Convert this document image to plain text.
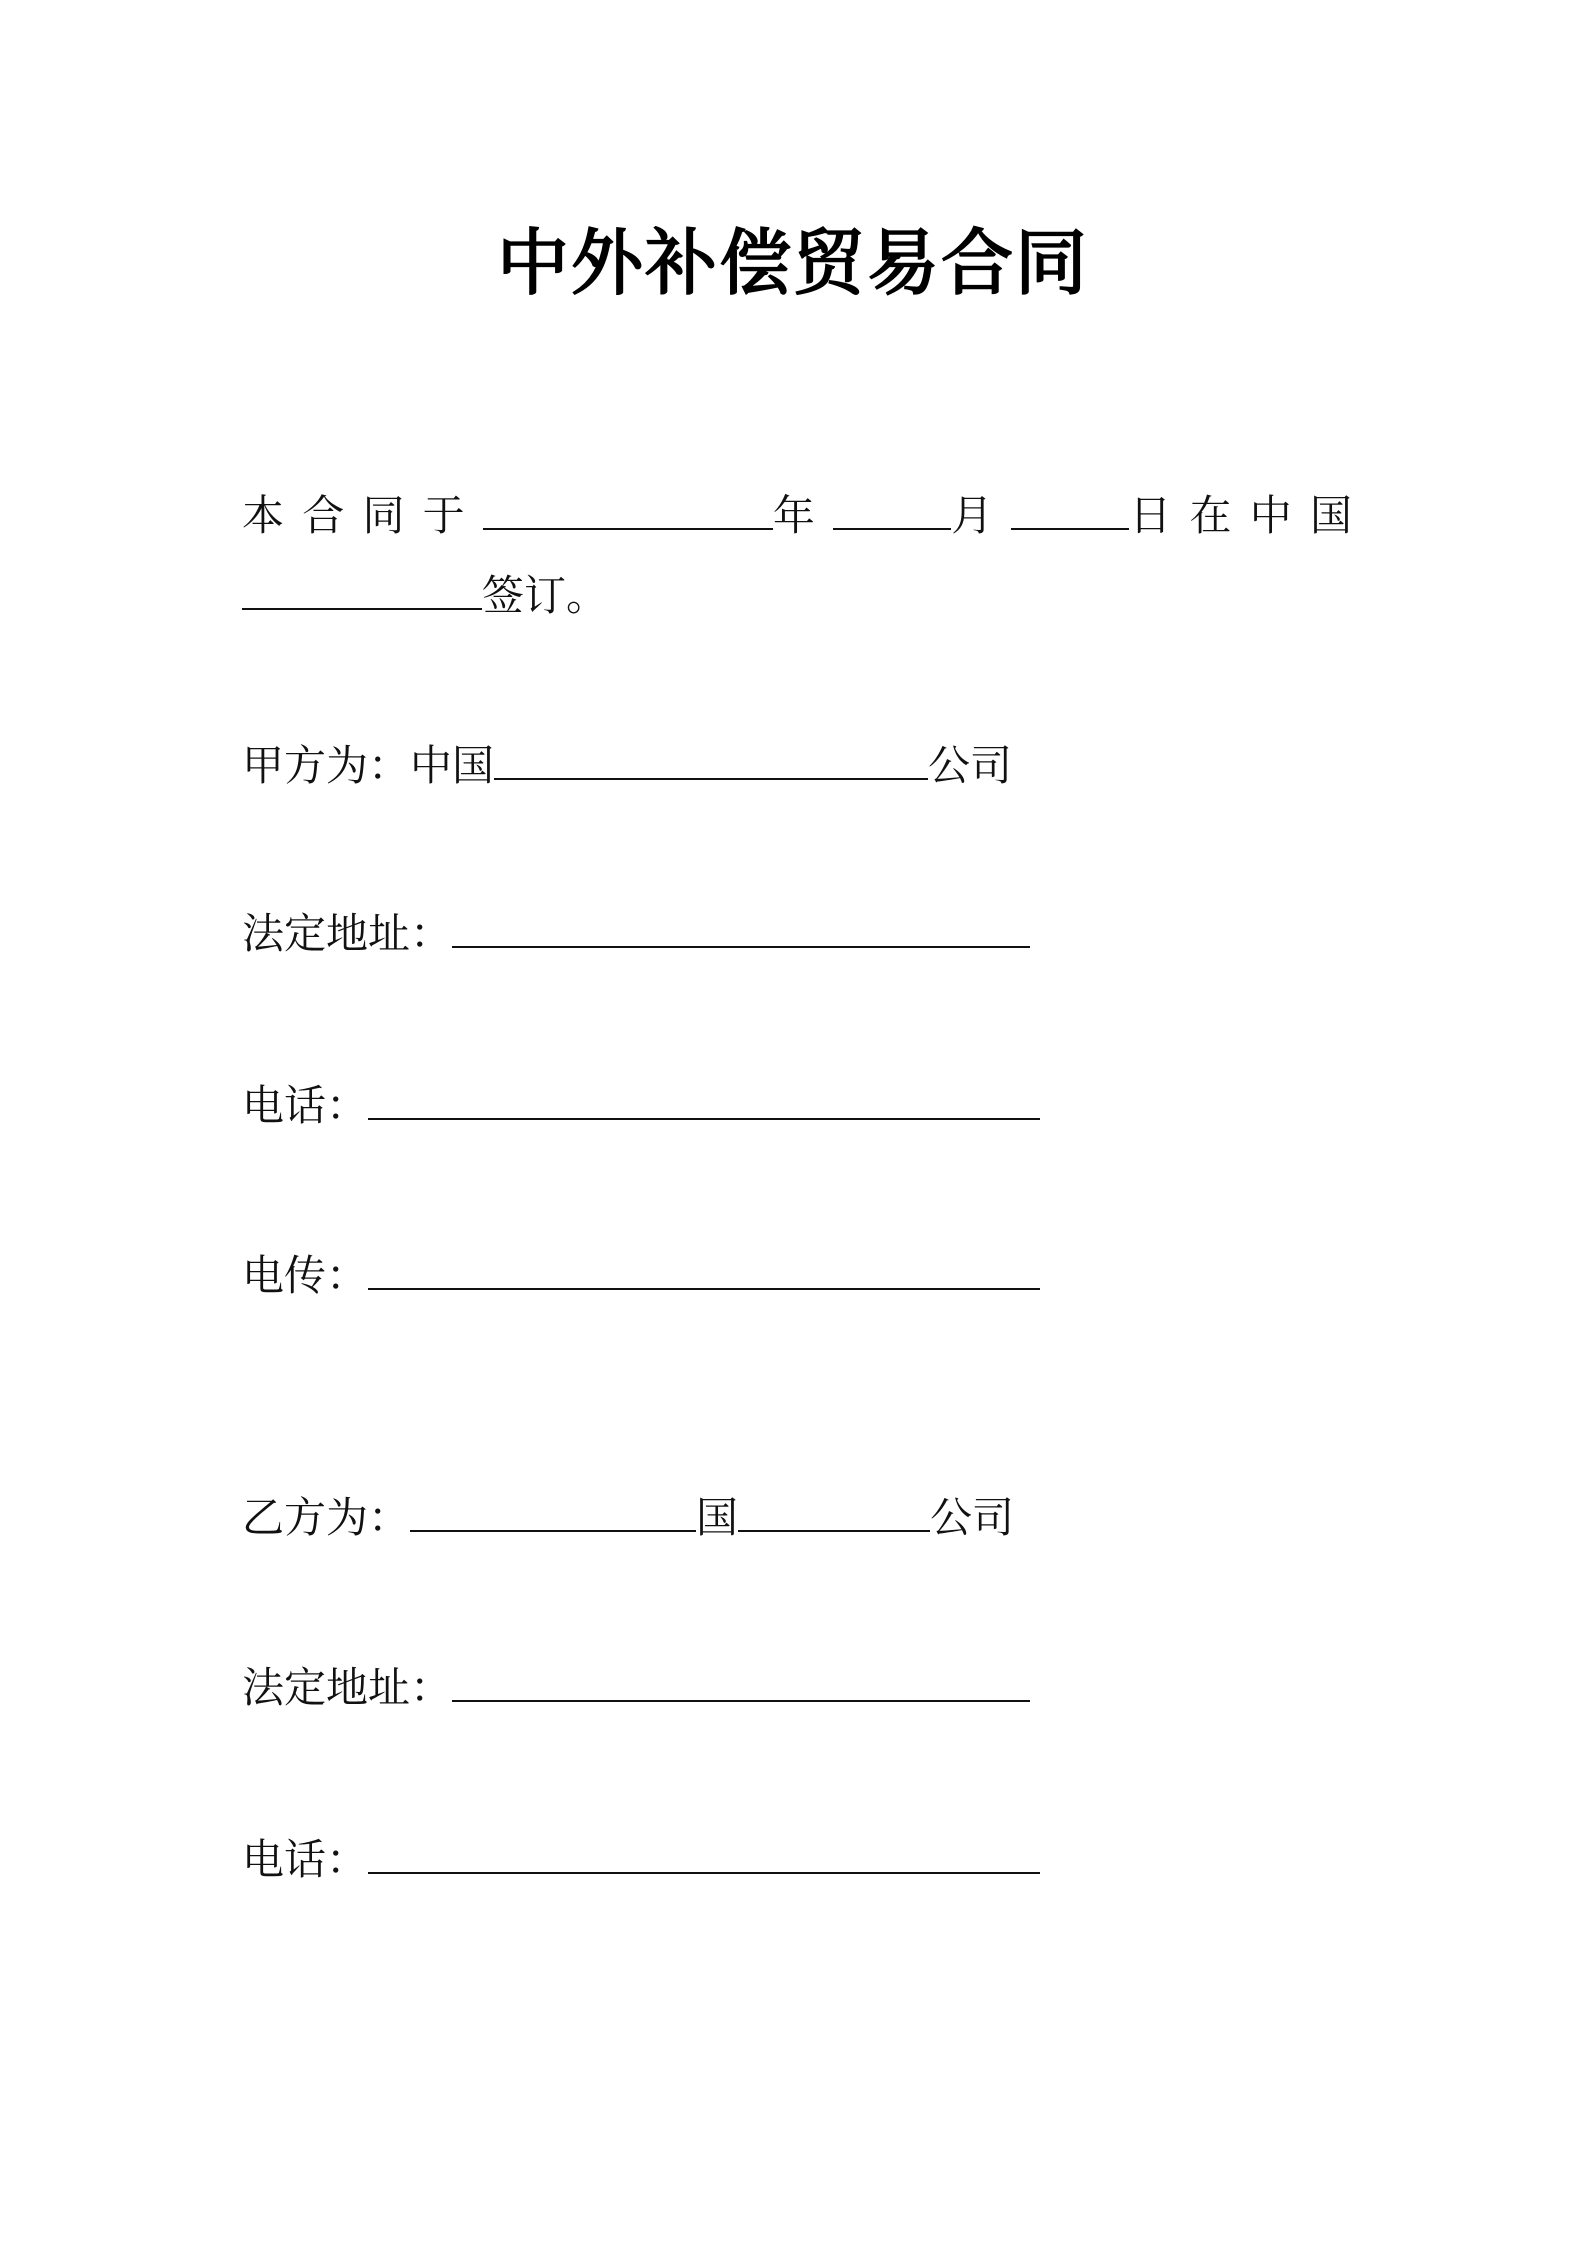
中外补偿贸易合同
本 合 同 于	年	月	日 在 中 国
签订。
甲方为：中国	公司
法定地址：
电话：
电传：
乙方为：	国	公司
法定地址：
电话：
